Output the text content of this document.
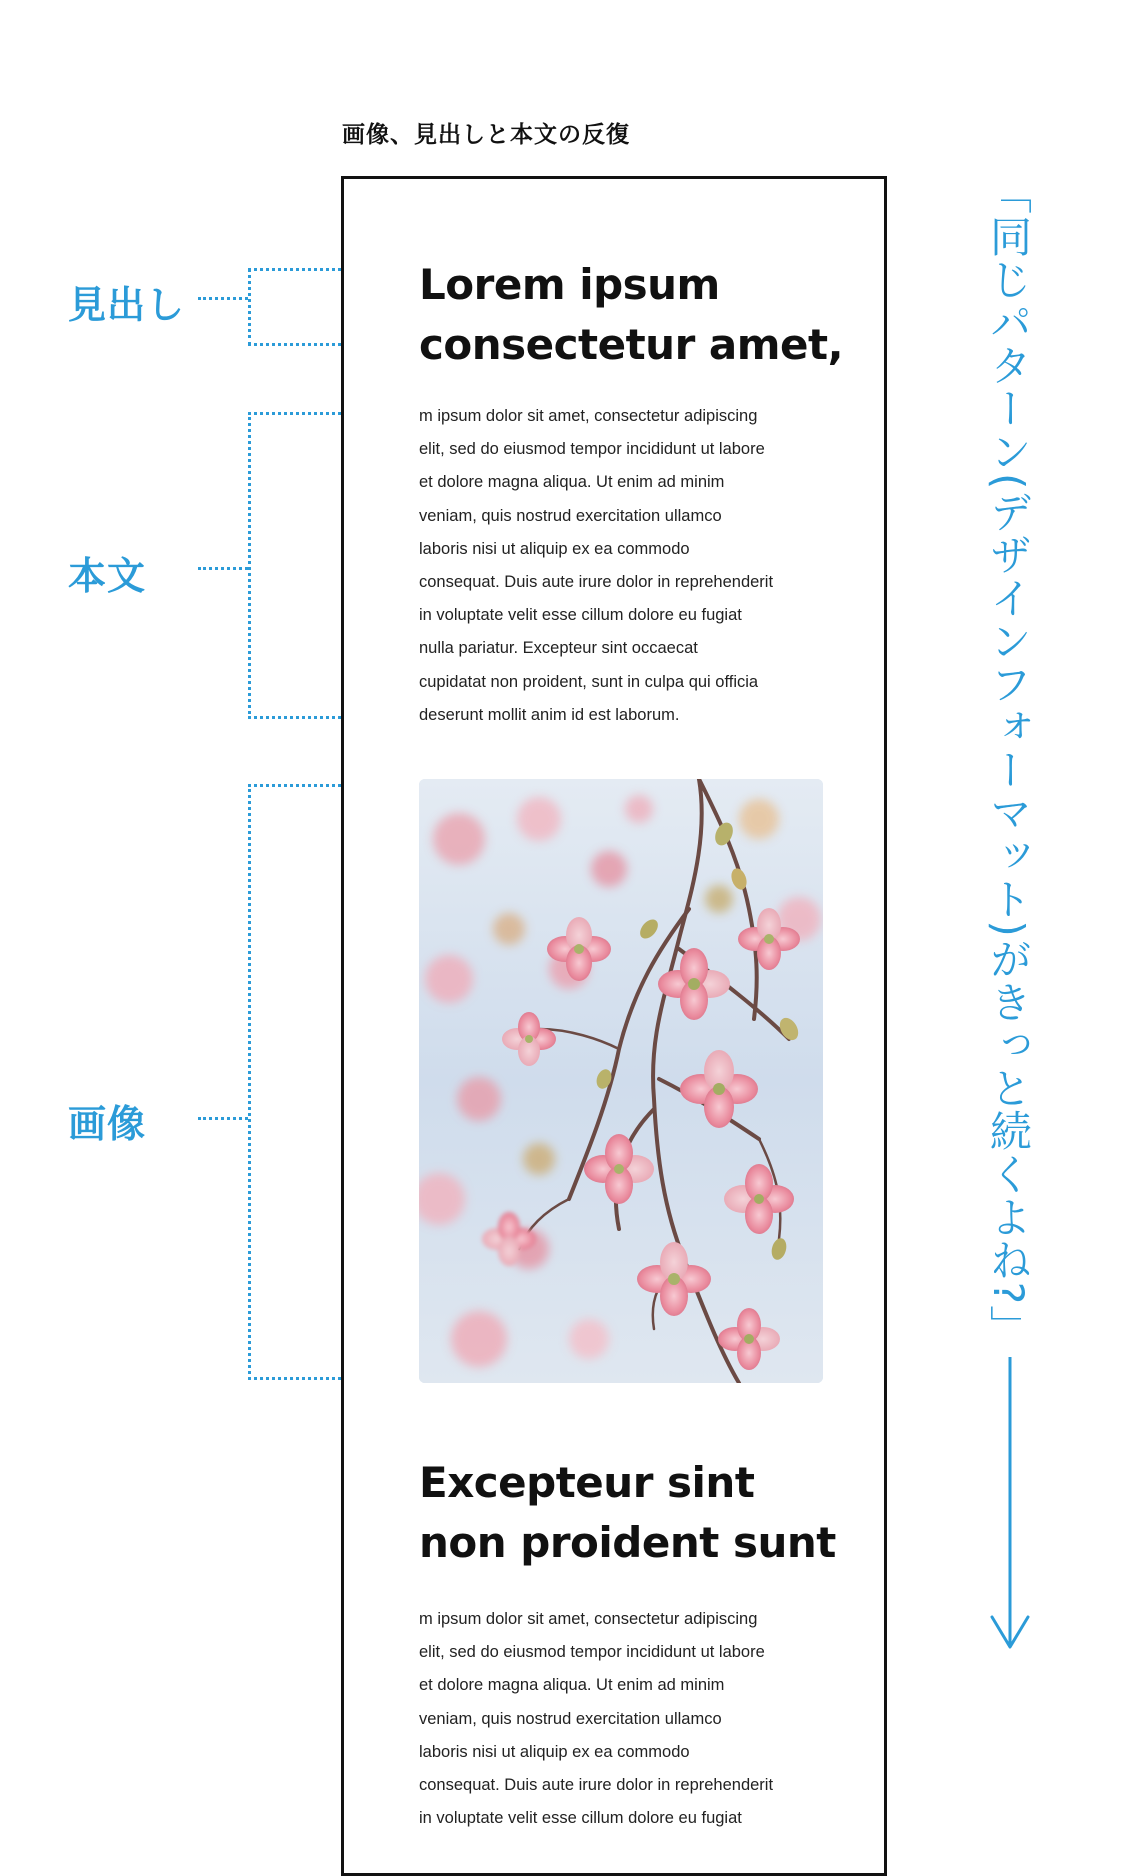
画像、見出しと本文の反復
見出し
本文
画像
Lorem ipsum
consectetur amet,
m ipsum dolor sit amet, consectetur adipiscing
elit, sed do eiusmod tempor incididunt ut labore
et dolore magna aliqua. Ut enim ad minim
veniam, quis nostrud exercitation ullamco
laboris nisi ut aliquip ex ea commodo
consequat. Duis aute irure dolor in reprehenderit
in voluptate velit esse cillum dolore eu fugiat
nulla pariatur. Excepteur sint occaecat
cupidatat non proident, sunt in culpa qui officia
deserunt mollit anim id est laborum.
Excepteur sint
non proident sunt
m ipsum dolor sit amet, consectetur adipiscing
elit, sed do eiusmod tempor incididunt ut labore
et dolore magna aliqua. Ut enim ad minim
veniam, quis nostrud exercitation ullamco
laboris nisi ut aliquip ex ea commodo
consequat. Duis aute irure dolor in reprehenderit
in voluptate velit esse cillum dolore eu fugiat
「同じパターン(デザインフォーマット)がきっと続くよね?」
